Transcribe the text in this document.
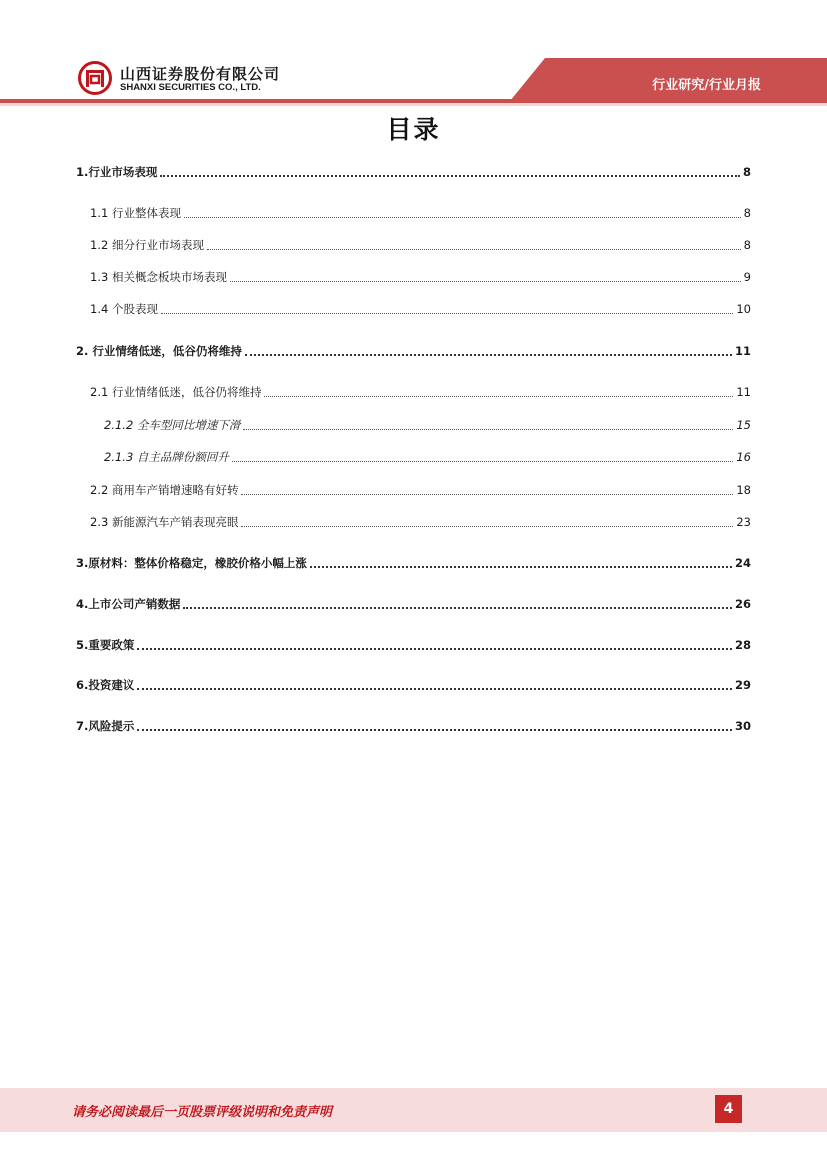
山西证券股份有限公司
SHANXI SECURITIES CO., LTD.	行业研究/行业月报
目录
1.行业市场表现	8
1.1 行业整体表现	8
1.2 细分行业市场表现	8
1.3 相关概念板块市场表现	9
1.4 个股表现	10
2. 行业情绪低迷，低谷仍将维持	11
2.1 行业情绪低迷，低谷仍将维持	11
2.1.2 全车型同比增速下滑	15
2.1.3 自主品牌份额回升	16
2.2 商用车产销增速略有好转	18
2.3 新能源汽车产销表现亮眼	23
3.原材料：整体价格稳定，橡胶价格小幅上涨	24
4.上市公司产销数据	26
5.重要政策	28
6.投资建议	29
7.风险提示	30
请务必阅读最后一页股票评级说明和免责声明	4
